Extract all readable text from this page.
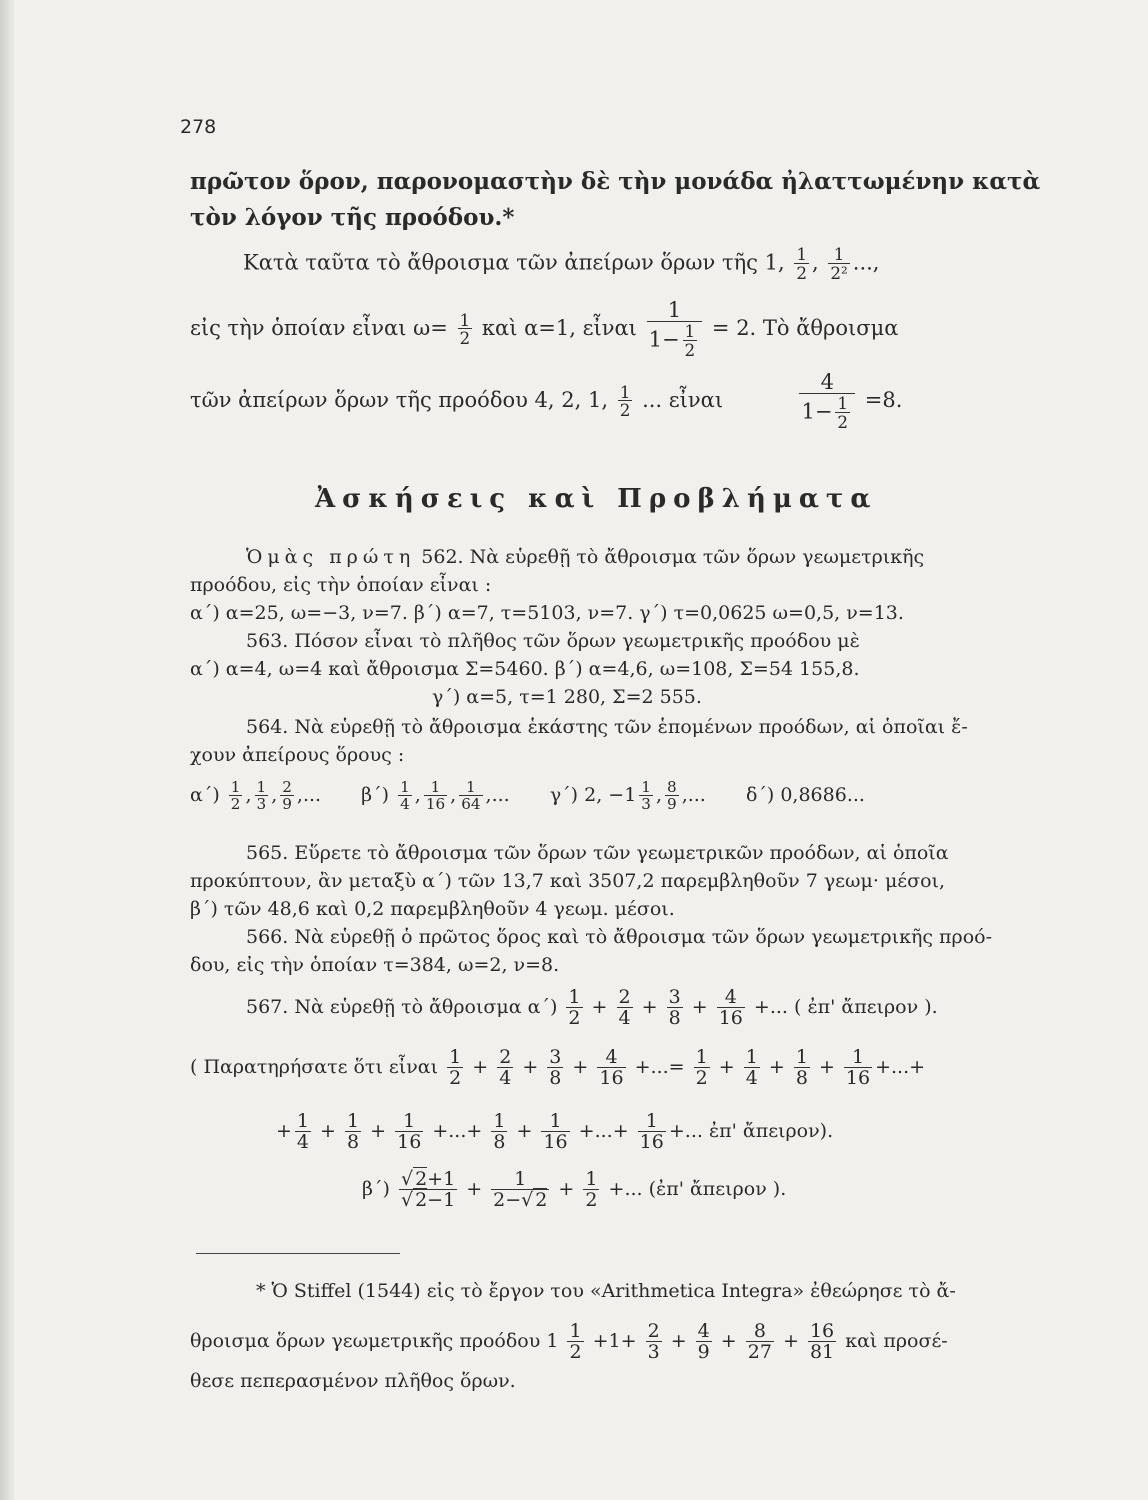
278
πρῶτον ὅρον, παρονομαστὴν δὲ τὴν μονάδα ἠλαττωμένην κατὰ
τὸν λόγον τῆς προόδου.*
Κατὰ ταῦτα τὸ ἄθροισμα τῶν ἀπείρων ὅρων τῆς 1, $\frac{1}{2}$ , $\frac{1}{\text{2²}}$ ...,
εἰς τὴν ὁποίαν εἶναι $\omega= \frac{1}{2}$ καὶ α=1, εἶναι $\frac{1}{1- \frac{1}{2}} = 2$. Τὸ ἄθροισμα
τῶν ἀπείρων ὅρων τῆς προόδου 4, 2, 1, $\frac{1}{2}$ ... εἶναι	$\frac{4}{1- \frac{1}{2}} =8$.
Ἀσκήσεις καὶ Προβλήματα
Ὁμὰς πρώτη 562. Νὰ εὑρεθῇ τὸ ἄθροισμα τῶν ὅρων γεωμετρικῆς
προόδου, εἰς τὴν ὁποίαν εἶναι :
α΄) α=25, ω=−3, ν=7. β΄) α=7, τ=5103, ν=7. γ΄) τ=0,0625 ω=0,5, ν=13.
563. Πόσον εἶναι τὸ πλῆθος τῶν ὅρων γεωμετρικῆς προόδου μὲ
α΄) α=4, ω=4 καὶ ἄθροισμα Σ=5460. β΄) α=4,6, ω=108, Σ=54 155,8.
γ΄) α=5, τ=1 280, Σ=2 555.
564. Νὰ εὑρεθῇ τὸ ἄθροισμα ἑκάστης τῶν ἑπομένων προόδων, αἱ ὁποῖαι ἔ-
χουν ἀπείρους ὅρους :
$\alpha΄) \frac{1}{2}$ , $\frac{1}{3}$ , $\frac{2}{9}$ ,... $\beta΄) \frac{1}{4}$ , $\frac{1}{16}$ , $\frac{1}{64}$ ,... γ΄) 2, $-1 \frac{1}{3}$ , $\frac{8}{9}$ ,... δ΄) 0,8686...
565. Εὕρετε τὸ ἄθροισμα τῶν ὅρων τῶν γεωμετρικῶν προόδων, αἱ ὁποῖα
προκύπτουν, ἂν μεταξὺ α΄) τῶν 13,7 καὶ 3507,2 παρεμβληθοῦν 7 γεωμ· μέσοι,
β΄) τῶν 48,6 καὶ 0,2 παρεμβληθοῦν 4 γεωμ. μέσοι.
566. Νὰ εὑρεθῇ ὁ πρῶτος ὅρος καὶ τὸ ἄθροισμα τῶν ὅρων γεωμετρικῆς προό-
δου, εἰς τὴν ὁποίαν τ=384, ω=2, ν=8.
567. Νὰ εὑρεθῇ τὸ ἄθροισμα $\alpha΄) \frac{1}{2} + \frac{2}{4} + \frac{3}{8} + \frac{4}{16}$ +... ( ἐπ' ἄπειρον ).
( Παρατηρήσατε ὅτι εἶναι $\frac{1}{2} + \frac{2}{4} + \frac{3}{8} + \frac{4}{16}$ +...= $\frac{1}{2} + \frac{1}{4} + \frac{1}{8} + \frac{1}{16}$ +...+
+ $\frac{1}{4} + \frac{1}{8} + \frac{1}{16}$ +...+ $\frac{1}{8} + \frac{1}{16}$ +...+ $\frac{1}{16}$ +... ἐπ' ἄπειρον).
$\beta΄) \frac{√ 2+1}{√ 2-1} + \frac{1}{2-√ 2} + \frac{1}{2}$ +... (ἐπ' ἄπειρον ).
* Ὁ Stiffel (1544) εἰς τὸ ἔργον του «Arithmetica Integra» ἐθεώρησε τὸ ἄ-
θροισμα ὅρων γεωμετρικῆς προόδου $1 \frac{1}{2} +1+ \frac{2}{3} + \frac{4}{9} + \frac{8}{27} + \frac{16}{81}$ καὶ προσέ-
θεσε πεπερασμένον πλῆθος ὅρων.
